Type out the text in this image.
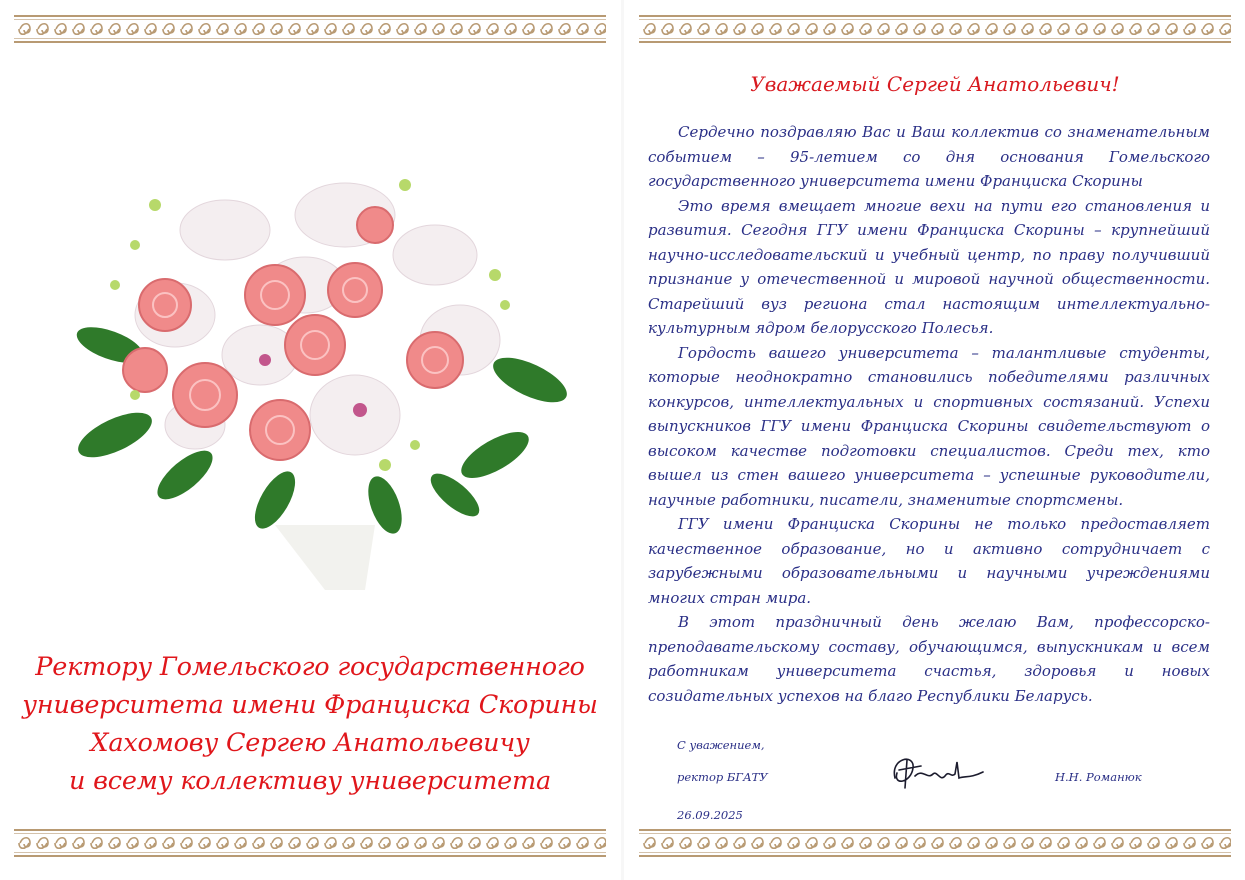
Ректору Гомельского государственного
университета имени Франциска Скорины
Хахомову Сергею Анатольевичу
и всему коллективу университета
Уважаемый Сергей Анатольевич!

Сердечно поздравляю Вас и Ваш коллектив со знаменательным событием – 95-летием со дня основания Гомельского государственного университета имени Франциска Скорины

Это время вмещает многие вехи на пути его становления и развития. Сегодня ГГУ имени Франциска Скорины – крупнейший научно-исследовательский и учебный центр, по праву получивший признание у отечественной и мировой научной общественности. Старейший вуз региона стал настоящим интеллектуально-культурным ядром белорусского Полесья.

Гордость вашего университета – талантливые студенты, которые неоднократно становились победителями различных конкурсов, интеллектуальных и спортивных состязаний. Успехи выпускников ГГУ имени Франциска Скорины свидетельствуют о высоком качестве подготовки специалистов. Среди тех, кто вышел из стен вашего университета – успешные руководители, научные работники, писатели, знаменитые спортсмены.

ГГУ имени Франциска Скорины не только предоставляет качественное образование, но и активно сотрудничает с зарубежными образовательными и научными учреждениями многих стран мира.

В этот праздничный день желаю Вам, профессорско-преподавательскому составу, обучающимся, выпускникам и всем работникам университета счастья, здоровья и новых созидательных успехов на благо Республики Беларусь.

С уважением,
ректор БГАТУ	Н.Н. Романюк
26.09.2025
